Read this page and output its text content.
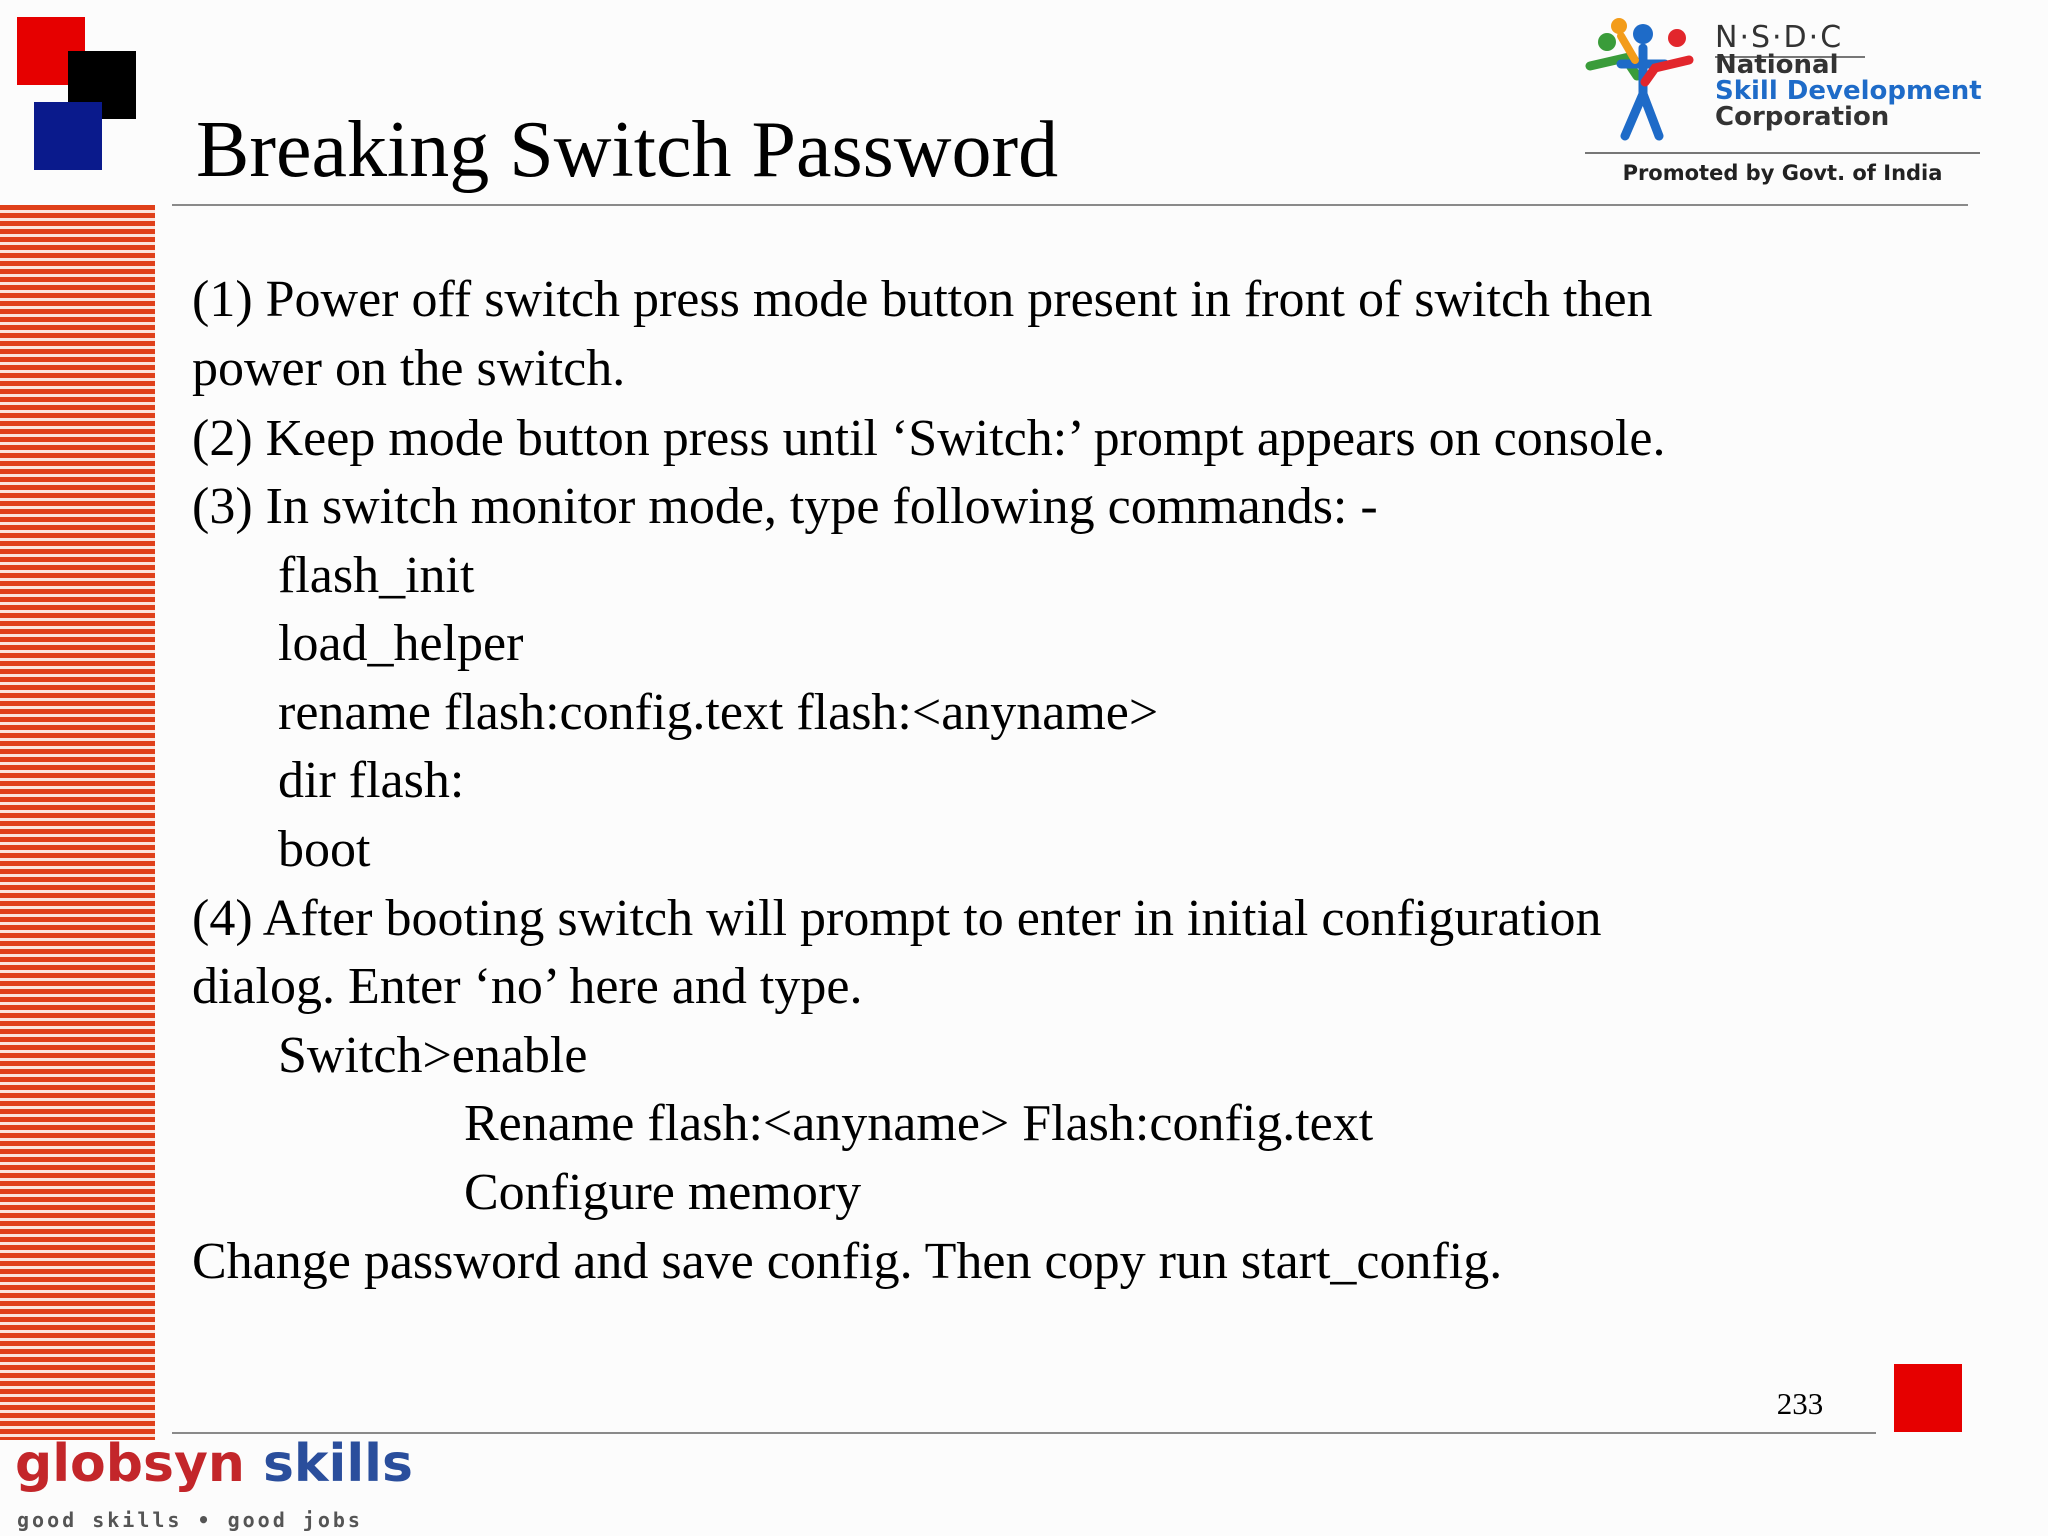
Breaking Switch Password
N·S·D·C
National
Skill Development
Corporation
Promoted by Govt. of India
(1) Power off switch press mode button present in front of switch then
power on the switch.
(2) Keep mode button press until ‘Switch:’ prompt appears on console.
(3) In switch monitor mode, type following commands: -
flash_init
load_helper
rename flash:config.text flash:<anyname>
dir flash:
boot
(4) After booting switch will prompt to enter in initial configuration
dialog. Enter ‘no’ here and type.
Switch>enable
Rename flash:<anyname> Flash:config.text
Configure memory
Change password and save config. Then copy run start_config.
233
globsyn skills
good skills • good jobs
